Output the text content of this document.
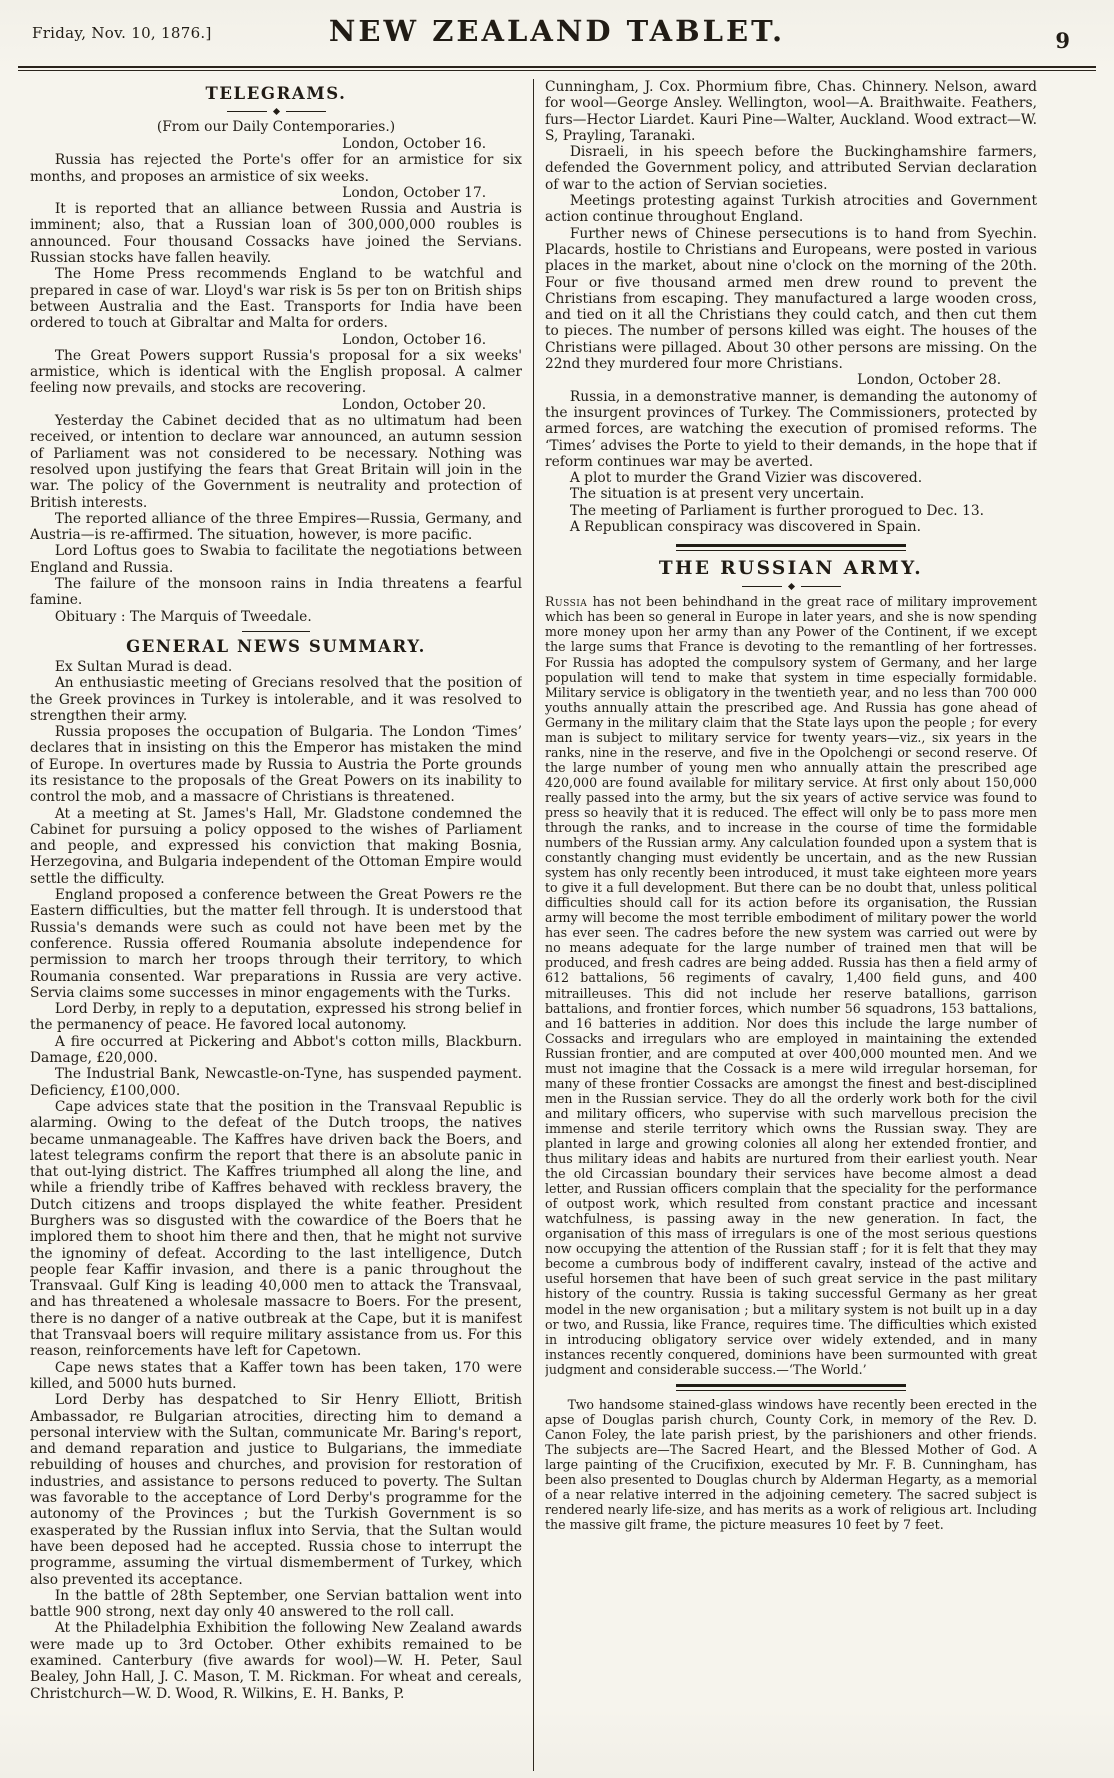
Friday, Nov. 10, 1876.]	NEW ZEALAND TABLET.	9
TELEGRAMS.
(From our Daily Contemporaries.)
London, October 16.
Russia has rejected the Porte's offer for an armistice for six months, and proposes an armistice of six weeks.
London, October 17.
It is reported that an alliance between Russia and Austria is imminent; also, that a Russian loan of 300,000,000 roubles is announced. Four thousand Cossacks have joined the Servians. Russian stocks have fallen heavily.
The Home Press recommends England to be watchful and prepared in case of war. Lloyd's war risk is 5s per ton on British ships between Australia and the East. Transports for India have been ordered to touch at Gibraltar and Malta for orders.
London, October 16.
The Great Powers support Russia's proposal for a six weeks' armistice, which is identical with the English proposal. A calmer feeling now prevails, and stocks are recovering.
London, October 20.
Yesterday the Cabinet decided that as no ultimatum had been received, or intention to declare war announced, an autumn session of Parliament was not considered to be necessary. Nothing was resolved upon justifying the fears that Great Britain will join in the war. The policy of the Government is neutrality and protection of British interests.
The reported alliance of the three Empires—Russia, Germany, and Austria—is re-affirmed. The situation, however, is more pacific.
Lord Loftus goes to Swabia to facilitate the negotiations between England and Russia.
The failure of the monsoon rains in India threatens a fearful famine.
Obituary : The Marquis of Tweedale.
GENERAL NEWS SUMMARY.
Ex Sultan Murad is dead.
An enthusiastic meeting of Grecians resolved that the position of the Greek provinces in Turkey is intolerable, and it was resolved to strengthen their army.
Russia proposes the occupation of Bulgaria. The London ‘Times’ declares that in insisting on this the Emperor has mistaken the mind of Europe. In overtures made by Russia to Austria the Porte grounds its resistance to the proposals of the Great Powers on its inability to control the mob, and a massacre of Christians is threatened.
At a meeting at St. James's Hall, Mr. Gladstone condemned the Cabinet for pursuing a policy opposed to the wishes of Parliament and people, and expressed his conviction that making Bosnia, Herzegovina, and Bulgaria independent of the Ottoman Empire would settle the difficulty.
England proposed a conference between the Great Powers re the Eastern difficulties, but the matter fell through. It is understood that Russia's demands were such as could not have been met by the conference. Russia offered Roumania absolute independence for permission to march her troops through their territory, to which Roumania consented. War preparations in Russia are very active. Servia claims some successes in minor engagements with the Turks.
Lord Derby, in reply to a deputation, expressed his strong belief in the permanency of peace. He favored local autonomy.
A fire occurred at Pickering and Abbot's cotton mills, Blackburn. Damage, £20,000.
The Industrial Bank, Newcastle-on-Tyne, has suspended payment. Deficiency, £100,000.
Cape advices state that the position in the Transvaal Republic is alarming. Owing to the defeat of the Dutch troops, the natives became unmanageable. The Kaffres have driven back the Boers, and latest telegrams confirm the report that there is an absolute panic in that out-lying district. The Kaffres triumphed all along the line, and while a friendly tribe of Kaffres behaved with reckless bravery, the Dutch citizens and troops displayed the white feather. President Burghers was so disgusted with the cowardice of the Boers that he implored them to shoot him there and then, that he might not survive the ignominy of defeat. According to the last intelligence, Dutch people fear Kaffir invasion, and there is a panic throughout the Transvaal. Gulf King is leading 40,000 men to attack the Transvaal, and has threatened a wholesale massacre to Boers. For the present, there is no danger of a native outbreak at the Cape, but it is manifest that Transvaal boers will require military assistance from us. For this reason, reinforcements have left for Capetown.
Cape news states that a Kaffer town has been taken, 170 were killed, and 5000 huts burned.
Lord Derby has despatched to Sir Henry Elliott, British Ambassador, re Bulgarian atrocities, directing him to demand a personal interview with the Sultan, communicate Mr. Baring's report, and demand reparation and justice to Bulgarians, the immediate rebuilding of houses and churches, and provision for restoration of industries, and assistance to persons reduced to poverty. The Sultan was favorable to the acceptance of Lord Derby's programme for the autonomy of the Provinces ; but the Turkish Government is so exasperated by the Russian influx into Servia, that the Sultan would have been deposed had he accepted. Russia chose to interrupt the programme, assuming the virtual dismemberment of Turkey, which also prevented its acceptance.
In the battle of 28th September, one Servian battalion went into battle 900 strong, next day only 40 answered to the roll call.
At the Philadelphia Exhibition the following New Zealand awards were made up to 3rd October. Other exhibits remained to be examined. Canterbury (five awards for wool)—W. H. Peter, Saul Bealey, John Hall, J. C. Mason, T. M. Rickman. For wheat and cereals, Christchurch—W. D. Wood, R. Wilkins, E. H. Banks, P.
Cunningham, J. Cox. Phormium fibre, Chas. Chinnery. Nelson, award for wool—George Ansley. Wellington, wool—A. Braithwaite. Feathers, furs—Hector Liardet. Kauri Pine—Walter, Auckland. Wood extract—W. S, Prayling, Taranaki.
Disraeli, in his speech before the Buckinghamshire farmers, defended the Government policy, and attributed Servian declaration of war to the action of Servian societies.
Meetings protesting against Turkish atrocities and Government action continue throughout England.
Further news of Chinese persecutions is to hand from Syechin. Placards, hostile to Christians and Europeans, were posted in various places in the market, about nine o'clock on the morning of the 20th. Four or five thousand armed men drew round to prevent the Christians from escaping. They manufactured a large wooden cross, and tied on it all the Christians they could catch, and then cut them to pieces. The number of persons killed was eight. The houses of the Christians were pillaged. About 30 other persons are missing. On the 22nd they murdered four more Christians.
London, October 28.
Russia, in a demonstrative manner, is demanding the autonomy of the insurgent provinces of Turkey. The Commissioners, protected by armed forces, are watching the execution of promised reforms. The ‘Times’ advises the Porte to yield to their demands, in the hope that if reform continues war may be averted.
A plot to murder the Grand Vizier was discovered.
The situation is at present very uncertain.
The meeting of Parliament is further prorogued to Dec. 13.
A Republican conspiracy was discovered in Spain.
THE RUSSIAN ARMY.
Russia has not been behindhand in the great race of military improvement which has been so general in Europe in later years, and she is now spending more money upon her army than any Power of the Continent, if we except the large sums that France is devoting to the remantling of her fortresses. For Russia has adopted the compulsory system of Germany, and her large population will tend to make that system in time especially formidable. Military service is obligatory in the twentieth year, and no less than 700 000 youths annually attain the prescribed age. And Russia has gone ahead of Germany in the military claim that the State lays upon the people ; for every man is subject to military service for twenty years—viz., six years in the ranks, nine in the reserve, and five in the Opolchengi or second reserve. Of the large number of young men who annually attain the prescribed age 420,000 are found available for military service. At first only about 150,000 really passed into the army, but the six years of active service was found to press so heavily that it is reduced. The effect will only be to pass more men through the ranks, and to increase in the course of time the formidable numbers of the Russian army. Any calculation founded upon a system that is constantly changing must evidently be uncertain, and as the new Russian system has only recently been introduced, it must take eighteen more years to give it a full development. But there can be no doubt that, unless political difficulties should call for its action before its organisation, the Russian army will become the most terrible embodiment of military power the world has ever seen. The cadres before the new system was carried out were by no means adequate for the large number of trained men that will be produced, and fresh cadres are being added. Russia has then a field army of 612 battalions, 56 regiments of cavalry, 1,400 field guns, and 400 mitrailleuses. This did not include her reserve batallions, garrison battalions, and frontier forces, which number 56 squadrons, 153 battalions, and 16 batteries in addition. Nor does this include the large number of Cossacks and irregulars who are employed in maintaining the extended Russian frontier, and are computed at over 400,000 mounted men. And we must not imagine that the Cossack is a mere wild irregular horseman, for many of these frontier Cossacks are amongst the finest and best-disciplined men in the Russian service. They do all the orderly work both for the civil and military officers, who supervise with such marvellous precision the immense and sterile territory which owns the Russian sway. They are planted in large and growing colonies all along her extended frontier, and thus military ideas and habits are nurtured from their earliest youth. Near the old Circassian boundary their services have become almost a dead letter, and Russian officers complain that the speciality for the performance of outpost work, which resulted from constant practice and incessant watchfulness, is passing away in the new generation. In fact, the organisation of this mass of irregulars is one of the most serious questions now occupying the attention of the Russian staff ; for it is felt that they may become a cumbrous body of indifferent cavalry, instead of the active and useful horsemen that have been of such great service in the past military history of the country. Russia is taking successful Germany as her great model in the new organisation ; but a military system is not built up in a day or two, and Russia, like France, requires time. The difficulties which existed in introducing obligatory service over widely extended, and in many instances recently conquered, dominions have been surmounted with great judgment and considerable success.—‘The World.’
Two handsome stained-glass windows have recently been erected in the apse of Douglas parish church, County Cork, in memory of the Rev. D. Canon Foley, the late parish priest, by the parishioners and other friends. The subjects are—The Sacred Heart, and the Blessed Mother of God. A large painting of the Crucifixion, executed by Mr. F. B. Cunningham, has been also presented to Douglas church by Alderman Hegarty, as a memorial of a near relative interred in the adjoining cemetery. The sacred subject is rendered nearly life-size, and has merits as a work of religious art. Including the massive gilt frame, the picture measures 10 feet by 7 feet.
